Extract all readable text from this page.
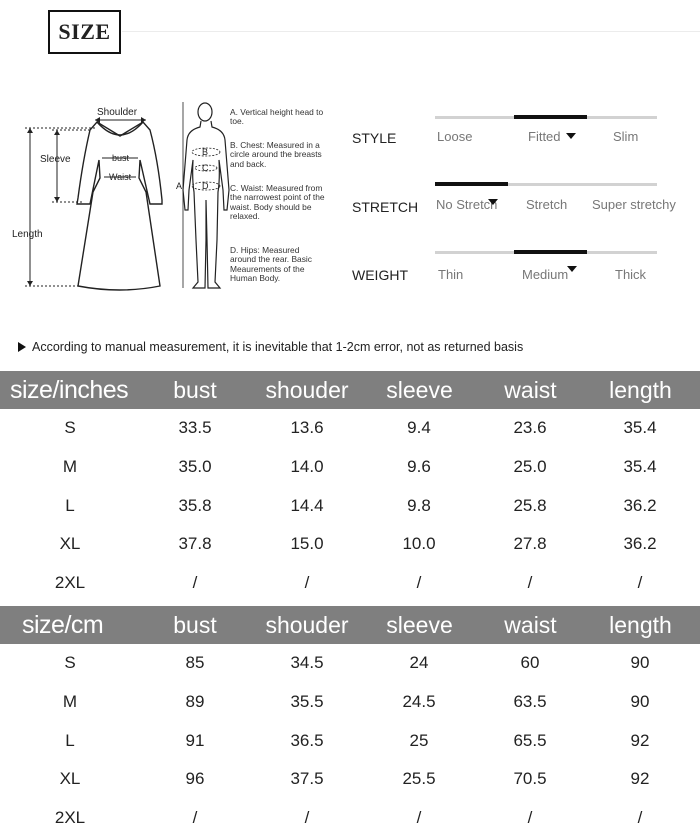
SIZE
Shoulder
Sleeve	bust
Waist
Length
B
C
A D
A. Vertical height head to toe.
B. Chest: Measured in a circle around the breasts and back.
C. Waist: Measured from the narrowest point of the waist. Body should be relaxed.
D. Hips: Measured around the rear. Basic Meaurements of the Human Body.
STYLE	Loose	Fitted	Slim
STRETCH No Stretch Stretch Super stretchy
WEIGHT Thin	Medium	Thick
According to manual measurement, it is inevitable that 1-2cm error, not as returned basis
size/inches	bust	shouder	sleeve	waist	length
S	33.5	13.6	9.4	23.6	35.4
M	35.0	14.0	9.6	25.0	35.4
L	35.8	14.4	9.8	25.8	36.2
XL	37.8	15.0	10.0	27.8	36.2
2XL	/	/	/	/	/
size/cm	bust	shouder	sleeve	waist	length
S	85	34.5	24	60	90
M	89	35.5	24.5	63.5	90
L	91	36.5	25	65.5	92
XL	96	37.5	25.5	70.5	92
2XL	/	/	/	/	/
